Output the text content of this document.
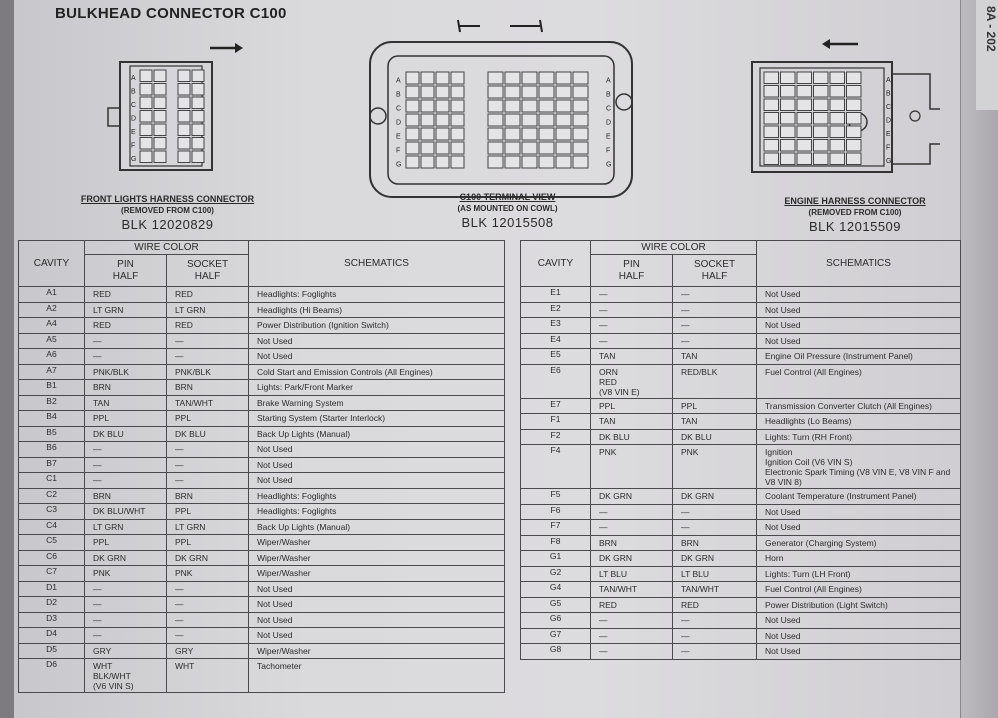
8A - 202
BULKHEAD CONNECTOR C100
A
B
C
D
E
F
G
FRONT LIGHTS HARNESS CONNECTOR
(REMOVED FROM C100)
BLK 12020829
A
B
C
D
E
F
G
A
B
C
D
E
F
G
C100 TERMINAL VIEW
(AS MOUNTED ON COWL)
BLK 12015508
A
B
C
D
E
F
G
ENGINE HARNESS CONNECTOR
(REMOVED FROM C100)
BLK 12015509
CAVITY	WIRE COLOR		SCHEMATICS
	PIN
HALF	SOCKET
HALF	

A1	RED	RED	Headlights: Foglights

A2	LT GRN	LT GRN	Headlights (Hi Beams)

A4	RED	RED	Power Distribution (Ignition Switch)

A5	—	—	Not Used

A6	—	—	Not Used

A7	PNK/BLK	PNK/BLK	Cold Start and Emission Controls (All Engines)

B1	BRN	BRN	Lights: Park/Front Marker

B2	TAN	TAN/WHT	Brake Warning System

B4	PPL	PPL	Starting System (Starter Interlock)

B5	DK BLU	DK BLU	Back Up Lights (Manual)

B6	—	—	Not Used

B7	—	—	Not Used

C1	—	—	Not Used

C2	BRN	BRN	Headlights: Foglights

C3	DK BLU/WHT	PPL	Headlights: Foglights

C4	LT GRN	LT GRN	Back Up Lights (Manual)

C5	PPL	PPL	Wiper/Washer

C6	DK GRN	DK GRN	Wiper/Washer

C7	PNK	PNK	Wiper/Washer

D1	—	—	Not Used

D2	—	—	Not Used

D3	—	—	Not Used

D4	—	—	Not Used

D5	GRY	GRY	Wiper/Washer

D6	WHT
BLK/WHT
(V6 VIN S)	WHT	Tachometer
CAVITY	WIRE COLOR		SCHEMATICS
	PIN
HALF	SOCKET
HALF	

E1	—	—	Not Used

E2	—	—	Not Used

E3	—	—	Not Used

E4	—	—	Not Used

E5	TAN	TAN	Engine Oil Pressure (Instrument Panel)

E6	ORN
RED
(V8 VIN E)	RED/BLK	Fuel Control (All Engines)

E7	PPL	PPL	Transmission Converter Clutch (All Engines)

F1	TAN	TAN	Headlights (Lo Beams)

F2	DK BLU	DK BLU	Lights: Turn (RH Front)

F4	PNK	PNK	Ignition
Ignition Coil (V6 VIN S)
Electronic Spark Timing (V8 VIN E, V8 VIN F and
V8 VIN 8)

F5	DK GRN	DK GRN	Coolant Temperature (Instrument Panel)

F6	—	—	Not Used

F7	—	—	Not Used

F8	BRN	BRN	Generator (Charging System)

G1	DK GRN	DK GRN	Horn

G2	LT BLU	LT BLU	Lights: Turn (LH Front)

G4	TAN/WHT	TAN/WHT	Fuel Control (All Engines)

G5	RED	RED	Power Distribution (Light Switch)

G6	—	—	Not Used

G7	—	—	Not Used

G8	—	—	Not Used
